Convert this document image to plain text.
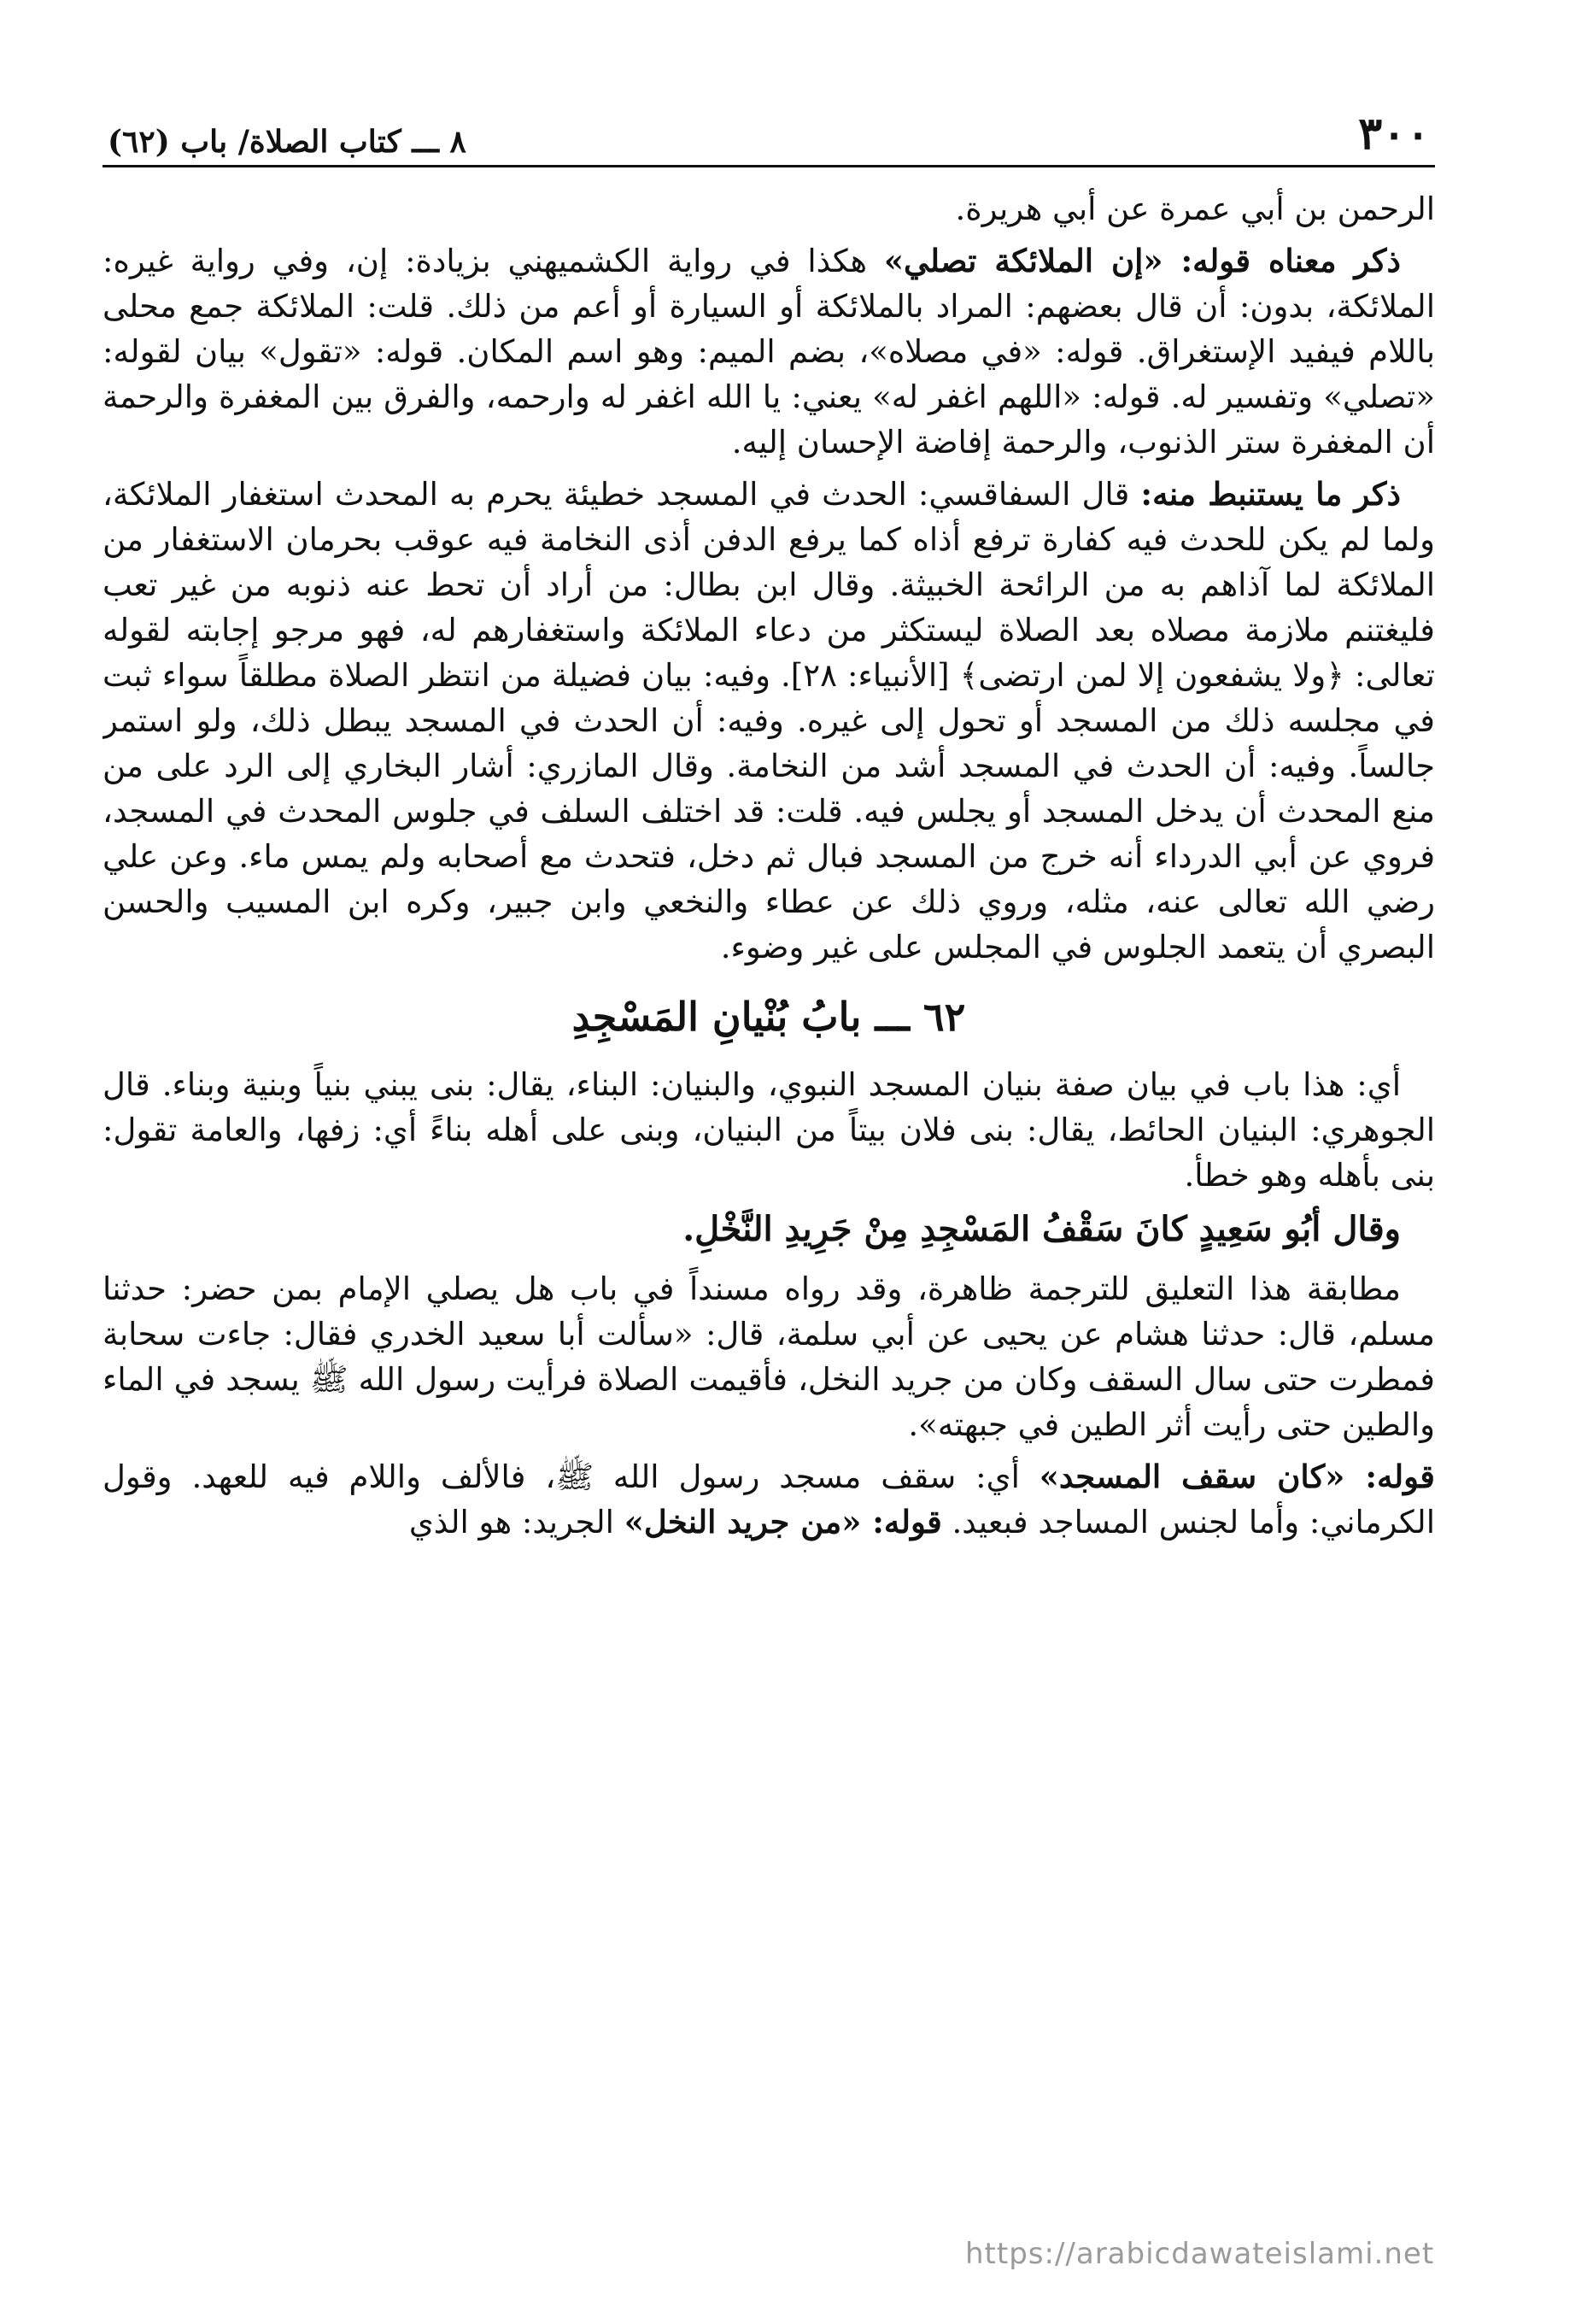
٣٠٠
٨ ـــ كتاب الصلاة/ باب (٦٢)

الرحمن بن أبي عمرة عن أبي هريرة.

ذكر معناه قوله: «إن الملائكة تصلي» هكذا في رواية الكشميهني بزيادة: إن، وفي رواية غيره: الملائكة، بدون: أن قال بعضهم: المراد بالملائكة أو السيارة أو أعم من ذلك. قلت: الملائكة جمع محلى باللام فيفيد الإستغراق. قوله: «في مصلاه»، بضم الميم: وهو اسم المكان. قوله: «تقول» بيان لقوله: «تصلي» وتفسير له. قوله: «اللهم اغفر له» يعني: يا الله اغفر له وارحمه، والفرق بين المغفرة والرحمة أن المغفرة ستر الذنوب، والرحمة إفاضة الإحسان إليه.

ذكر ما يستنبط منه: قال السفاقسي: الحدث في المسجد خطيئة يحرم به المحدث استغفار الملائكة، ولما لم يكن للحدث فيه كفارة ترفع أذاه كما يرفع الدفن أذى النخامة فيه عوقب بحرمان الاستغفار من الملائكة لما آذاهم به من الرائحة الخبيثة. وقال ابن بطال: من أراد أن تحط عنه ذنوبه من غير تعب فليغتنم ملازمة مصلاه بعد الصلاة ليستكثر من دعاء الملائكة واستغفارهم له، فهو مرجو إجابته لقوله تعالى: ﴿ولا يشفعون إلا لمن ارتضى﴾ [الأنبياء: ٢٨]. وفيه: بيان فضيلة من انتظر الصلاة مطلقاً سواء ثبت في مجلسه ذلك من المسجد أو تحول إلى غيره. وفيه: أن الحدث في المسجد يبطل ذلك، ولو استمر جالساً. وفيه: أن الحدث في المسجد أشد من النخامة. وقال المازري: أشار البخاري إلى الرد على من منع المحدث أن يدخل المسجد أو يجلس فيه. قلت: قد اختلف السلف في جلوس المحدث في المسجد، فروي عن أبي الدرداء أنه خرج من المسجد فبال ثم دخل، فتحدث مع أصحابه ولم يمس ماء. وعن علي رضي الله تعالى عنه، مثله، وروي ذلك عن عطاء والنخعي وابن جبير، وكره ابن المسيب والحسن البصري أن يتعمد الجلوس في المجلس على غير وضوء.

٦٢ ـــ بابُ بُنْيانِ المَسْجِدِ

أي: هذا باب في بيان صفة بنيان المسجد النبوي، والبنيان: البناء، يقال: بنى يبني بنياً وبنية وبناء. قال الجوهري: البنيان الحائط، يقال: بنى فلان بيتاً من البنيان، وبنى على أهله بناءً أي: زفها، والعامة تقول: بنى بأهله وهو خطأ.

وقال أبُو سَعِيدٍ كانَ سَقْفُ المَسْجِدِ مِنْ جَرِيدِ النَّخْلِ.

مطابقة هذا التعليق للترجمة ظاهرة، وقد رواه مسنداً في باب هل يصلي الإمام بمن حضر: حدثنا مسلم، قال: حدثنا هشام عن يحيى عن أبي سلمة، قال: «سألت أبا سعيد الخدري فقال: جاءت سحابة فمطرت حتى سال السقف وكان من جريد النخل، فأقيمت الصلاة فرأيت رسول الله ﷺ يسجد في الماء والطين حتى رأيت أثر الطين في جبهته».

قوله: «كان سقف المسجد» أي: سقف مسجد رسول الله ﷺ، فالألف واللام فيه للعهد. وقول الكرماني: وأما لجنس المساجد فبعيد. قوله: «من جريد النخل» الجريد: هو الذي

https://arabicdawateislami.net
